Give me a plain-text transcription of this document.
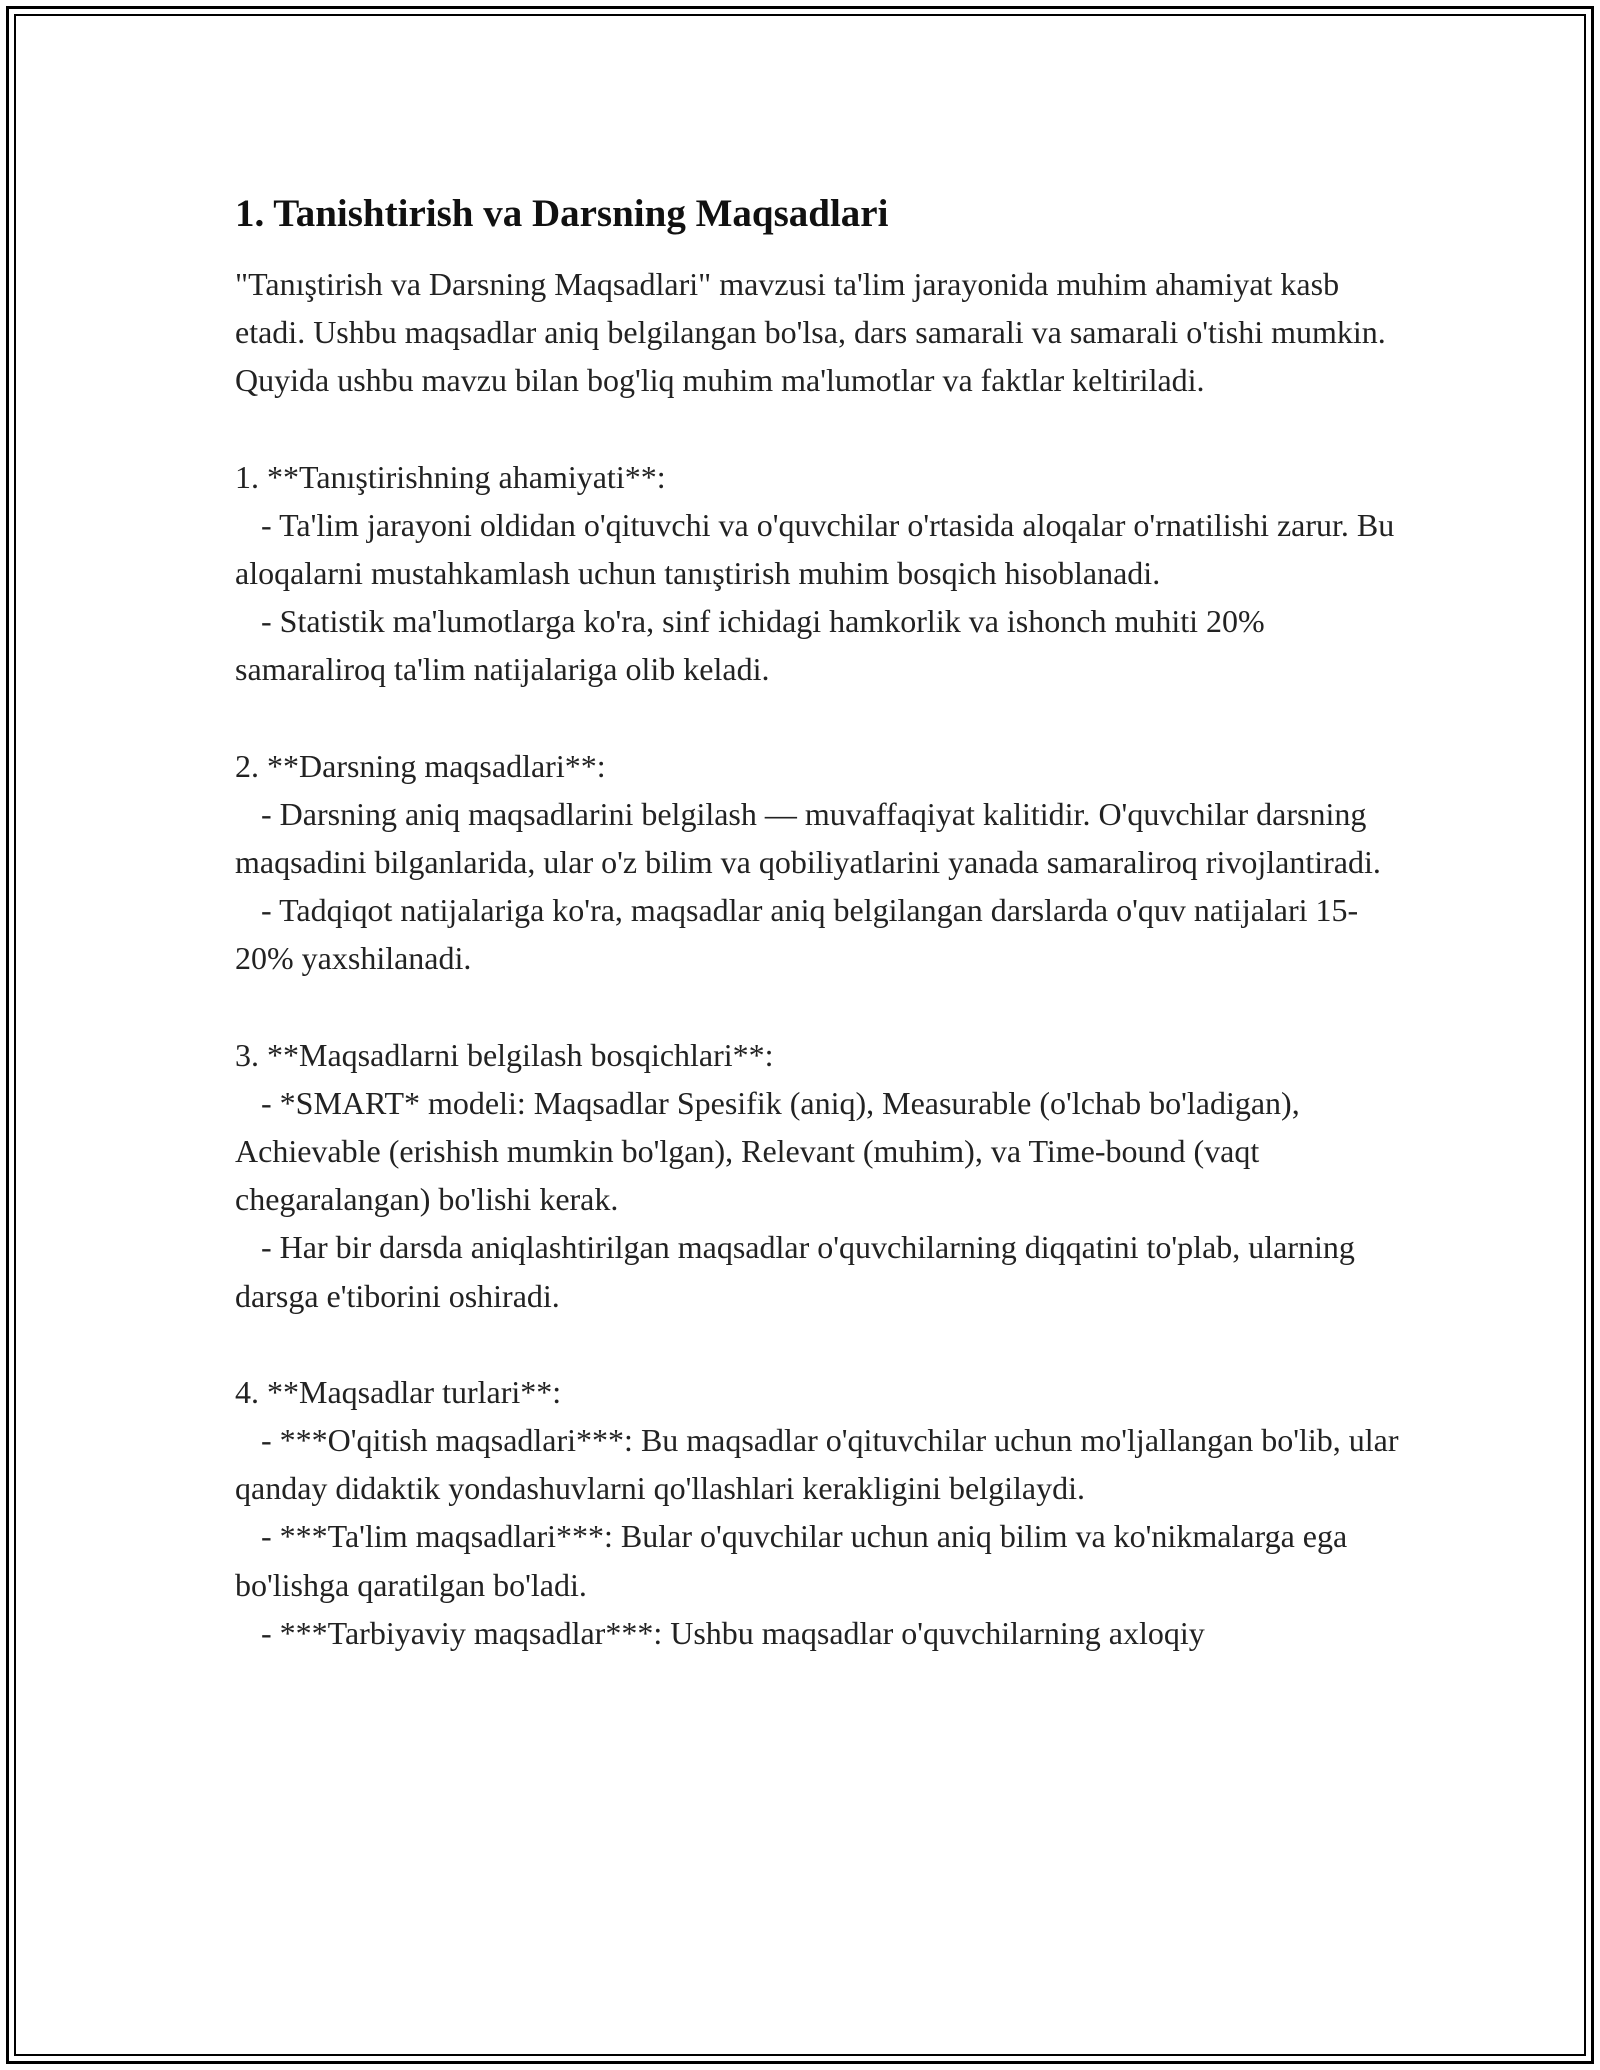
1. Tanishtirish va Darsning Maqsadlari

"Tanıştirish va Darsning Maqsadlari" mavzusi ta'lim jarayonida muhim ahamiyat kasb etadi. Ushbu maqsadlar aniq belgilangan bo'lsa, dars samarali va samarali o'tishi mumkin. Quyida ushbu mavzu bilan bog'liq muhim ma'lumotlar va faktlar keltiriladi.

1. **Tanıştirishning ahamiyati**:

- Ta'lim jarayoni oldidan o'qituvchi va o'quvchilar o'rtasida aloqalar o'rnatilishi zarur. Bu aloqalarni mustahkamlash uchun tanıştirish muhim bosqich hisoblanadi.

- Statistik ma'lumotlarga ko'ra, sinf ichidagi hamkorlik va ishonch muhiti 20% samaraliroq ta'lim natijalariga olib keladi.

2. **Darsning maqsadlari**:

- Darsning aniq maqsadlarini belgilash — muvaffaqiyat kalitidir. O'quvchilar darsning maqsadini bilganlarida, ular o'z bilim va qobiliyatlarini yanada samaraliroq rivojlantiradi.

- Tadqiqot natijalariga ko'ra, maqsadlar aniq belgilangan darslarda o'quv natijalari 15-20% yaxshilanadi.

3. **Maqsadlarni belgilash bosqichlari**:

- *SMART* modeli: Maqsadlar Spesifik (aniq), Measurable (o'lchab bo'ladigan), Achievable (erishish mumkin bo'lgan), Relevant (muhim), va Time-bound (vaqt chegaralangan) bo'lishi kerak.

- Har bir darsda aniqlashtirilgan maqsadlar o'quvchilarning diqqatini to'plab, ularning darsga e'tiborini oshiradi.

4. **Maqsadlar turlari**:

- ***O'qitish maqsadlari***: Bu maqsadlar o'qituvchilar uchun mo'ljallangan bo'lib, ular qanday didaktik yondashuvlarni qo'llashlari kerakligini belgilaydi.

- ***Ta'lim maqsadlari***: Bular o'quvchilar uchun aniq bilim va ko'nikmalarga ega bo'lishga qaratilgan bo'ladi.

- ***Tarbiyaviy maqsadlar***: Ushbu maqsadlar o'quvchilarning axloqiy
